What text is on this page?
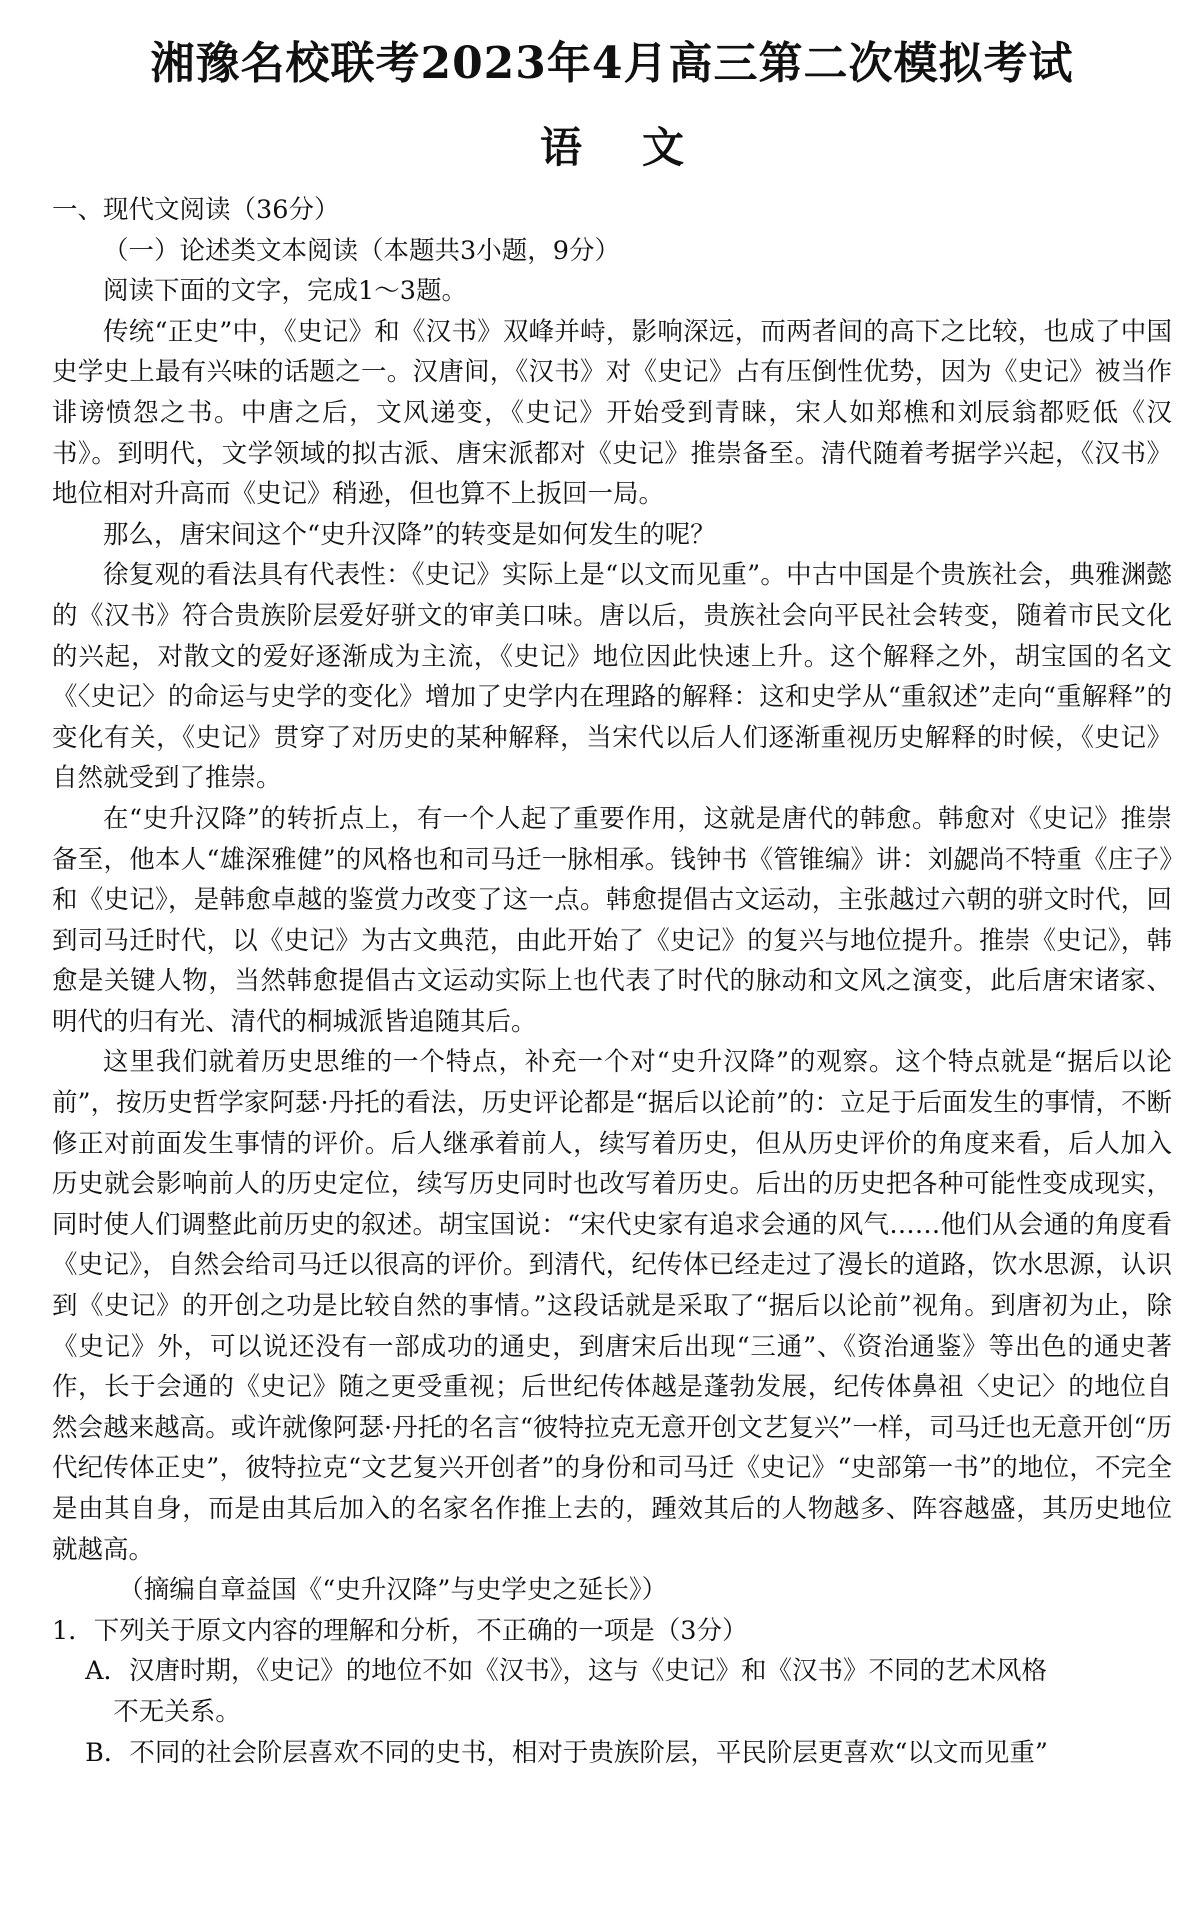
湘豫名校联考2023年4月高三第二次模拟考试
语文

一、现代文阅读（36分）

（一）论述类文本阅读（本题共3小题，9分）

阅读下面的文字，完成1～3题。

传统“正史”中，《史记》和《汉书》双峰并峙，影响深远，而两者间的高下之比较，也成了中国史学史上最有兴味的话题之一。汉唐间，《汉书》对《史记》占有压倒性优势，因为《史记》被当作诽谤愤怨之书。中唐之后，文风递变，《史记》开始受到青睐，宋人如郑樵和刘辰翁都贬低《汉书》。到明代，文学领域的拟古派、唐宋派都对《史记》推崇备至。清代随着考据学兴起，《汉书》地位相对升高而《史记》稍逊，但也算不上扳回一局。

那么，唐宋间这个“史升汉降”的转变是如何发生的呢？

徐复观的看法具有代表性：《史记》实际上是“以文而见重”。中古中国是个贵族社会，典雅渊懿的《汉书》符合贵族阶层爱好骈文的审美口味。唐以后，贵族社会向平民社会转变，随着市民文化的兴起，对散文的爱好逐渐成为主流，《史记》地位因此快速上升。这个解释之外，胡宝国的名文《〈史记〉的命运与史学的变化》增加了史学内在理路的解释：这和史学从“重叙述”走向“重解释”的变化有关，《史记》贯穿了对历史的某种解释，当宋代以后人们逐渐重视历史解释的时候，《史记》自然就受到了推崇。

在“史升汉降”的转折点上，有一个人起了重要作用，这就是唐代的韩愈。韩愈对《史记》推崇备至，他本人“雄深雅健”的风格也和司马迁一脉相承。钱钟书《管锥编》讲：刘勰尚不特重《庄子》和《史记》，是韩愈卓越的鉴赏力改变了这一点。韩愈提倡古文运动，主张越过六朝的骈文时代，回到司马迁时代，以《史记》为古文典范，由此开始了《史记》的复兴与地位提升。推崇《史记》，韩愈是关键人物，当然韩愈提倡古文运动实际上也代表了时代的脉动和文风之演变，此后唐宋诸家、明代的归有光、清代的桐城派皆追随其后。

这里我们就着历史思维的一个特点，补充一个对“史升汉降”的观察。这个特点就是“据后以论前”，按历史哲学家阿瑟·丹托的看法，历史评论都是“据后以论前”的：立足于后面发生的事情，不断修正对前面发生事情的评价。后人继承着前人，续写着历史，但从历史评价的角度来看，后人加入历史就会影响前人的历史定位，续写历史同时也改写着历史。后出的历史把各种可能性变成现实，同时使人们调整此前历史的叙述。胡宝国说：“宋代史家有追求会通的风气……他们从会通的角度看《史记》，自然会给司马迁以很高的评价。到清代，纪传体已经走过了漫长的道路，饮水思源，认识到《史记》的开创之功是比较自然的事情。”这段话就是采取了“据后以论前”视角。到唐初为止，除《史记》外，可以说还没有一部成功的通史，到唐宋后出现“三通”、《资治通鉴》等出色的通史著作，长于会通的《史记》随之更受重视；后世纪传体越是蓬勃发展，纪传体鼻祖〈史记〉的地位自然会越来越高。或许就像阿瑟·丹托的名言“彼特拉克无意开创文艺复兴”一样，司马迁也无意开创“历代纪传体正史”，彼特拉克“文艺复兴开创者”的身份和司马迁《史记》“史部第一书”的地位，不完全是由其自身，而是由其后加入的名家名作推上去的，踵效其后的人物越多、阵容越盛，其历史地位就越高。

（摘编自章益国《“史升汉降”与史学史之延长》）

1．下列关于原文内容的理解和分析，不正确的一项是（3分）

A．汉唐时期，《史记》的地位不如《汉书》，这与《史记》和《汉书》不同的艺术风格

不无关系。

B．不同的社会阶层喜欢不同的史书，相对于贵族阶层，平民阶层更喜欢“以文而见重”
